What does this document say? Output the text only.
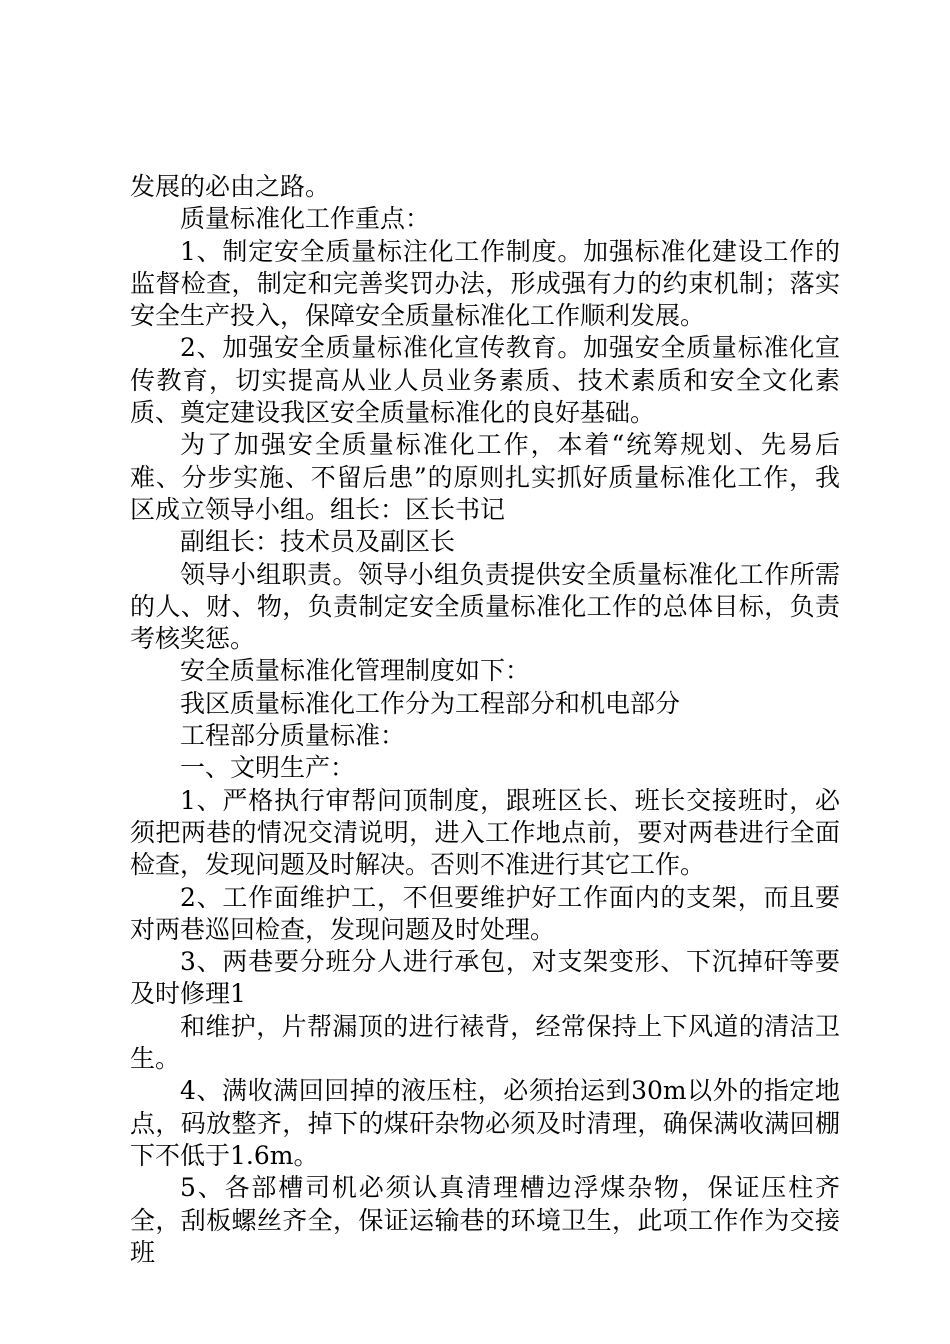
发展的必由之路。

质量标准化工作重点：

1、制定安全质量标注化工作制度。加强标准化建设工作的监督检查，制定和完善奖罚办法，形成强有力的约束机制；落实安全生产投入，保障安全质量标准化工作顺利发展。

2、加强安全质量标准化宣传教育。加强安全质量标准化宣传教育，切实提高从业人员业务素质、技术素质和安全文化素质、奠定建设我区安全质量标准化的良好基础。

为了加强安全质量标准化工作，本着“统筹规划、先易后难、分步实施、不留后患”的原则扎实抓好质量标准化工作，我区成立领导小组。组长：区长书记

副组长：技术员及副区长

领导小组职责。领导小组负责提供安全质量标准化工作所需的人、财、物，负责制定安全质量标准化工作的总体目标，负责考核奖惩。

安全质量标准化管理制度如下：

我区质量标准化工作分为工程部分和机电部分

工程部分质量标准：

一、文明生产：

1、严格执行审帮问顶制度，跟班区长、班长交接班时，必须把两巷的情况交清说明，进入工作地点前，要对两巷进行全面检查，发现问题及时解决。否则不准进行其它工作。

2、工作面维护工，不但要维护好工作面内的支架，而且要对两巷巡回检查，发现问题及时处理。

3、两巷要分班分人进行承包，对支架变形、下沉掉矸等要及时修理1

和维护，片帮漏顶的进行裱背，经常保持上下风道的清洁卫生。

4、满收满回回掉的液压柱，必须抬运到30m以外的指定地点，码放整齐，掉下的煤矸杂物必须及时清理，确保满收满回棚下不低于1.6m。

5、各部槽司机必须认真清理槽边浮煤杂物，保证压柱齐全，刮板螺丝齐全，保证运输巷的环境卫生，此项工作作为交接班
